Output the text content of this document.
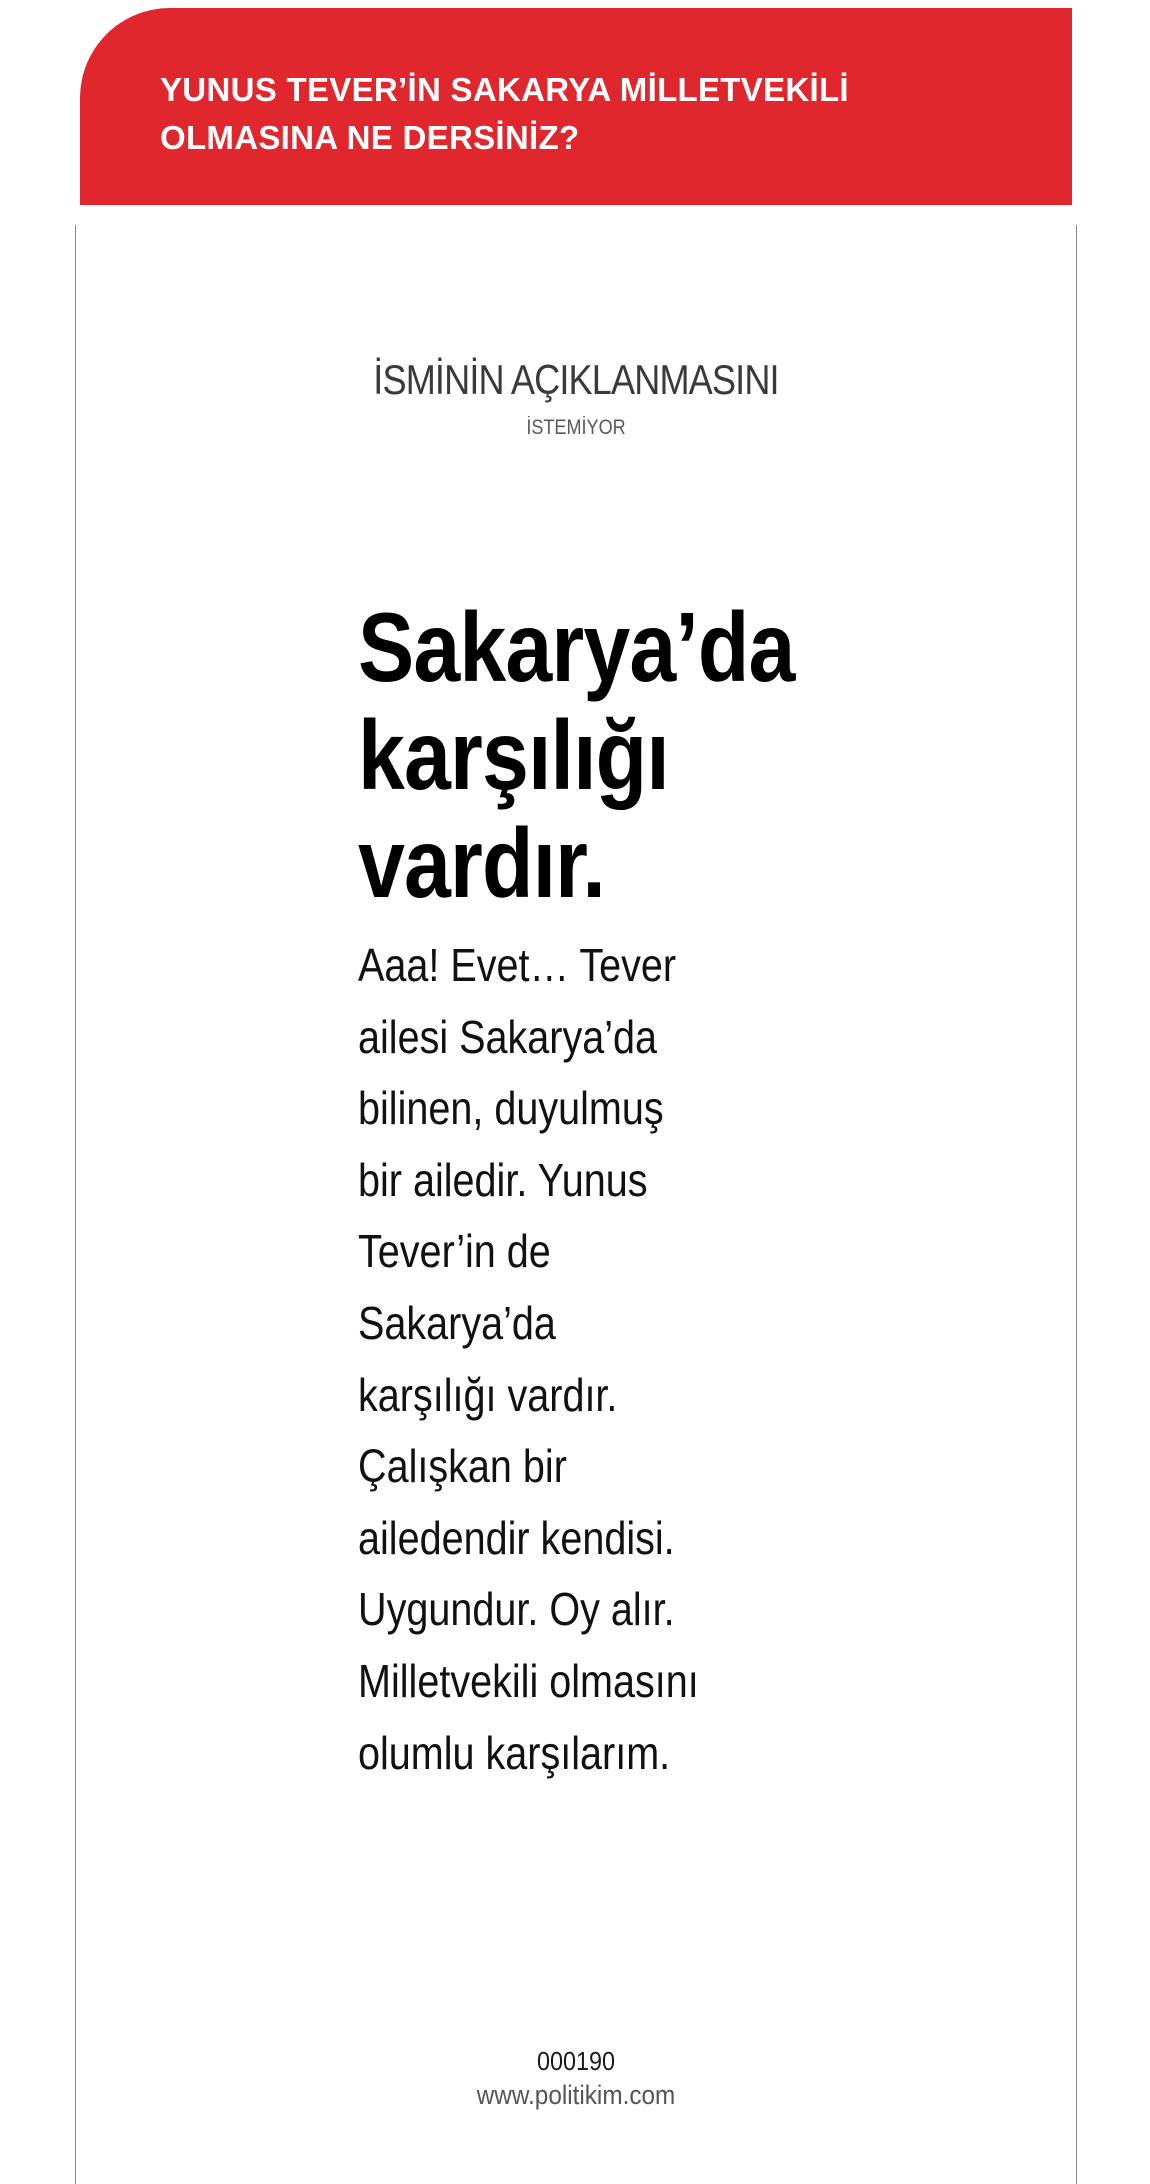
YUNUS TEVER’İN SAKARYA MİLLETVEKİLİ
OLMASINA NE DERSİNİZ?
İSMİNİN AÇIKLANMASINI
İSTEMİYOR
Sakarya’da
karşılığı
vardır.

Aaa! Evet… Tever
ailesi Sakarya’da
bilinen, duyulmuş
bir ailedir. Yunus
Tever’in de
Sakarya’da
karşılığı vardır.
Çalışkan bir
ailedendir kendisi.
Uygundur. Oy alır.
Milletvekili olmasını
olumlu karşılarım.

000190
www.politikim.com
